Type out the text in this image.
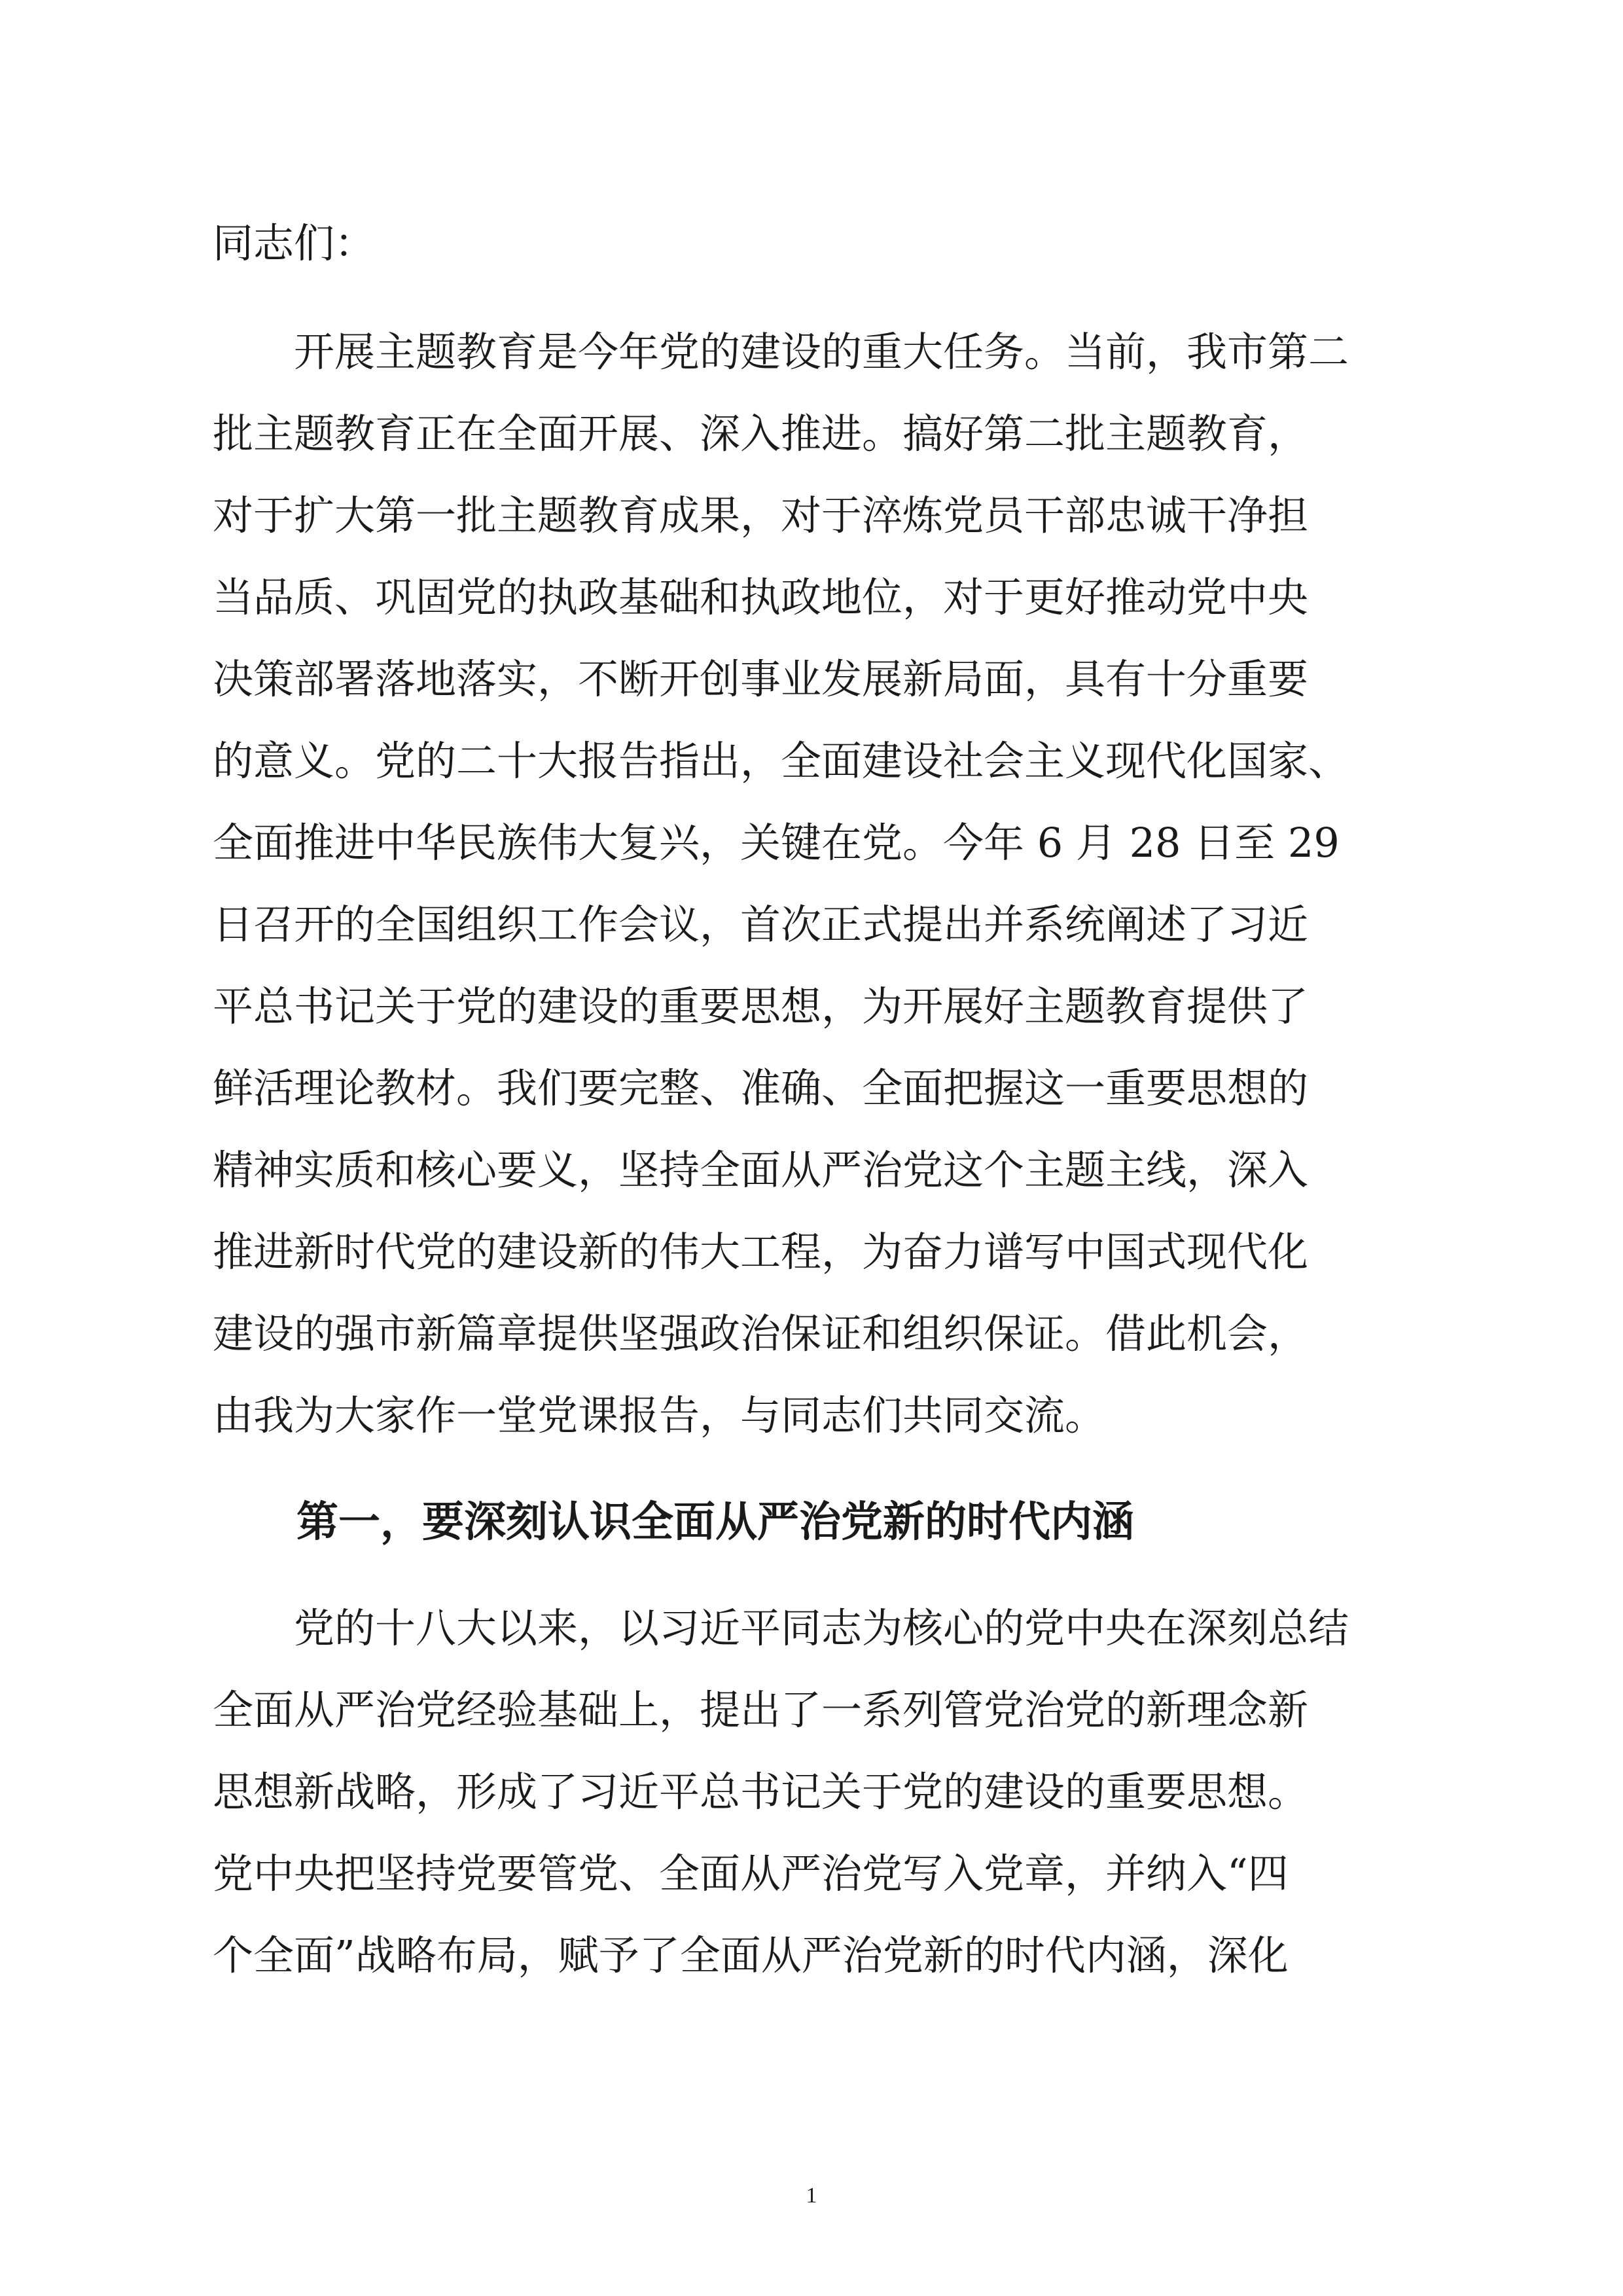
同志们：
　　开展主题教育是今年党的建设的重大任务。当前，我市第二
批主题教育正在全面开展、深入推进。搞好第二批主题教育，
对于扩大第一批主题教育成果，对于淬炼党员干部忠诚干净担
当品质、巩固党的执政基础和执政地位，对于更好推动党中央
决策部署落地落实，不断开创事业发展新局面，具有十分重要
的意义。党的二十大报告指出，全面建设社会主义现代化国家、
全面推进中华民族伟大复兴，关键在党。今年 6 月 28 日至 29
日召开的全国组织工作会议，首次正式提出并系统阐述了习近
平总书记关于党的建设的重要思想，为开展好主题教育提供了
鲜活理论教材。我们要完整、准确、全面把握这一重要思想的
精神实质和核心要义，坚持全面从严治党这个主题主线，深入
推进新时代党的建设新的伟大工程，为奋力谱写中国式现代化
建设的强市新篇章提供坚强政治保证和组织保证。借此机会，
由我为大家作一堂党课报告，与同志们共同交流。
　　第一，要深刻认识全面从严治党新的时代内涵
　　党的十八大以来，以习近平同志为核心的党中央在深刻总结
全面从严治党经验基础上，提出了一系列管党治党的新理念新
思想新战略，形成了习近平总书记关于党的建设的重要思想。
党中央把坚持党要管党、全面从严治党写入党章，并纳入“四
个全面”战略布局，赋予了全面从严治党新的时代内涵，深化
1
